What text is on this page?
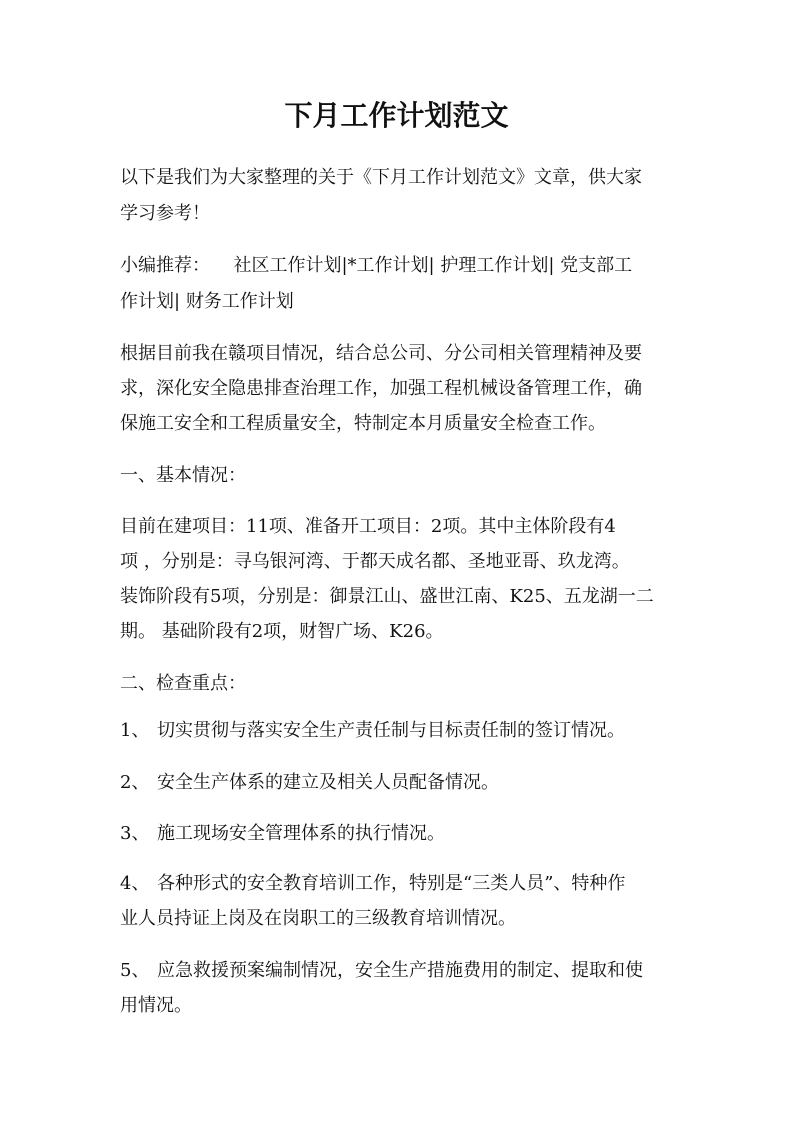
下月工作计划范文

以下是我们为大家整理的关于《下月工作计划范文》文章，供大家

学习参考！

小编推荐： 社区工作计划|*工作计划| 护理工作计划| 党支部工

作计划| 财务工作计划

根据目前我在赣项目情况，结合总公司、分公司相关管理精神及要

求，深化安全隐患排查治理工作，加强工程机械设备管理工作，确

保施工安全和工程质量安全，特制定本月质量安全检查工作。

一、基本情况：

目前在建项目：11项、准备开工项目：2项。其中主体阶段有4

项 ，分别是：寻乌银河湾、于都天成名都、圣地亚哥、玖龙湾。

装饰阶段有5项，分别是：御景江山、盛世江南、K25、五龙湖一二

期。 基础阶段有2项，财智广场、K26。

二、检查重点：

1、 切实贯彻与落实安全生产责任制与目标责任制的签订情况。

2、 安全生产体系的建立及相关人员配备情况。

3、 施工现场安全管理体系的执行情况。

4、 各种形式的安全教育培训工作，特别是“三类人员”、特种作

业人员持证上岗及在岗职工的三级教育培训情况。

5、 应急救援预案编制情况，安全生产措施费用的制定、提取和使

用情况。
